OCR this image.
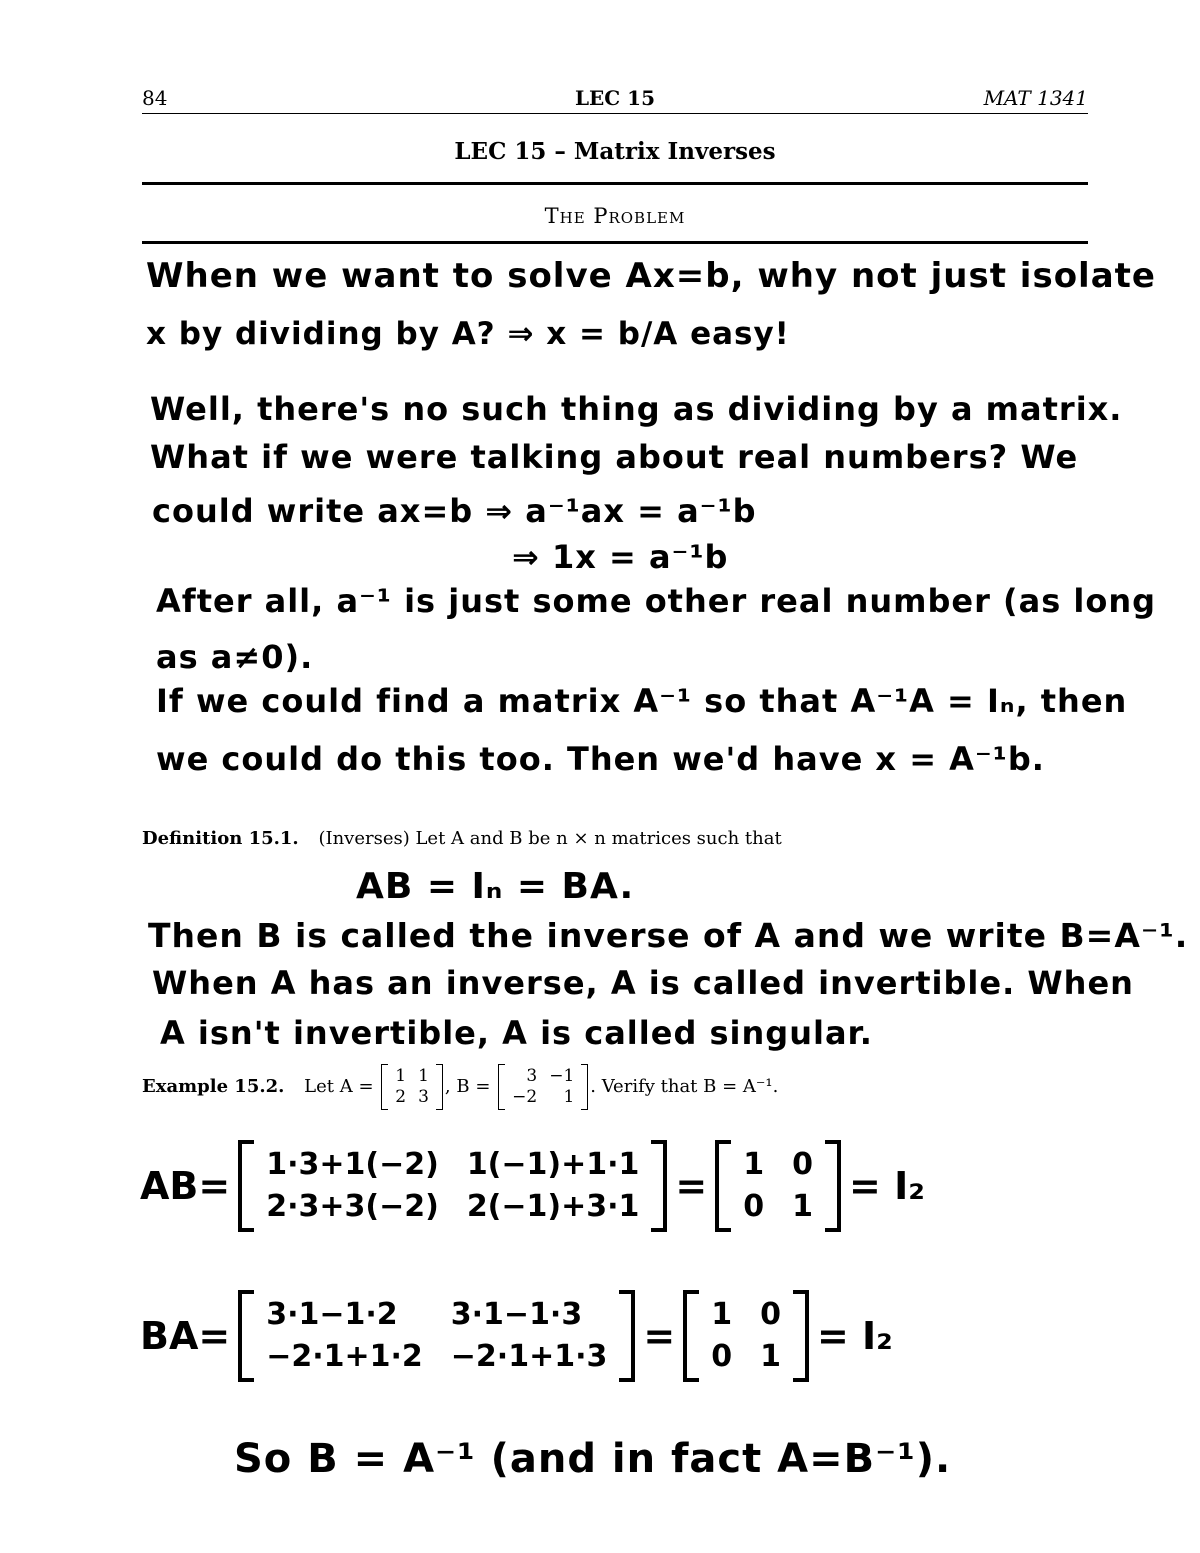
84	LEC 15	MAT 1341
LEC 15 – Matrix Inverses
The Problem
When we want to solve Ax=b, why not just isolate
x by dividing by A? ⇒ x = b/A easy!
Well, there's no such thing as dividing by a matrix.
What if we were talking about real numbers? We
could write ax=b ⇒ a⁻¹ax = a⁻¹b
⇒ 1x = a⁻¹b
After all, a⁻¹ is just some other real number (as long
as a≠0).
If we could find a matrix A⁻¹ so that A⁻¹A = Iₙ, then
we could do this too. Then we'd have x = A⁻¹b.
Definition 15.1. (Inverses) Let A and B be n × n matrices such that
AB = Iₙ = BA.
Then B is called the inverse of A and we write B=A⁻¹.
When A has an inverse, A is called invertible. When
A isn't invertible, A is called singular.
Example 15.2. Let A = 1	1
2	3 , B = 3	−1
−2	1 . Verify that B = A⁻¹.
AB= 1·3+1(−2)	1(−1)+1·1
2·3+3(−2)	2(−1)+3·1 = 1	0
0	1 = I₂
BA= 3·1−1·2	3·1−1·3
−2·1+1·2	−2·1+1·3 = 1	0
0	1 = I₂
So B = A⁻¹ (and in fact A=B⁻¹).
